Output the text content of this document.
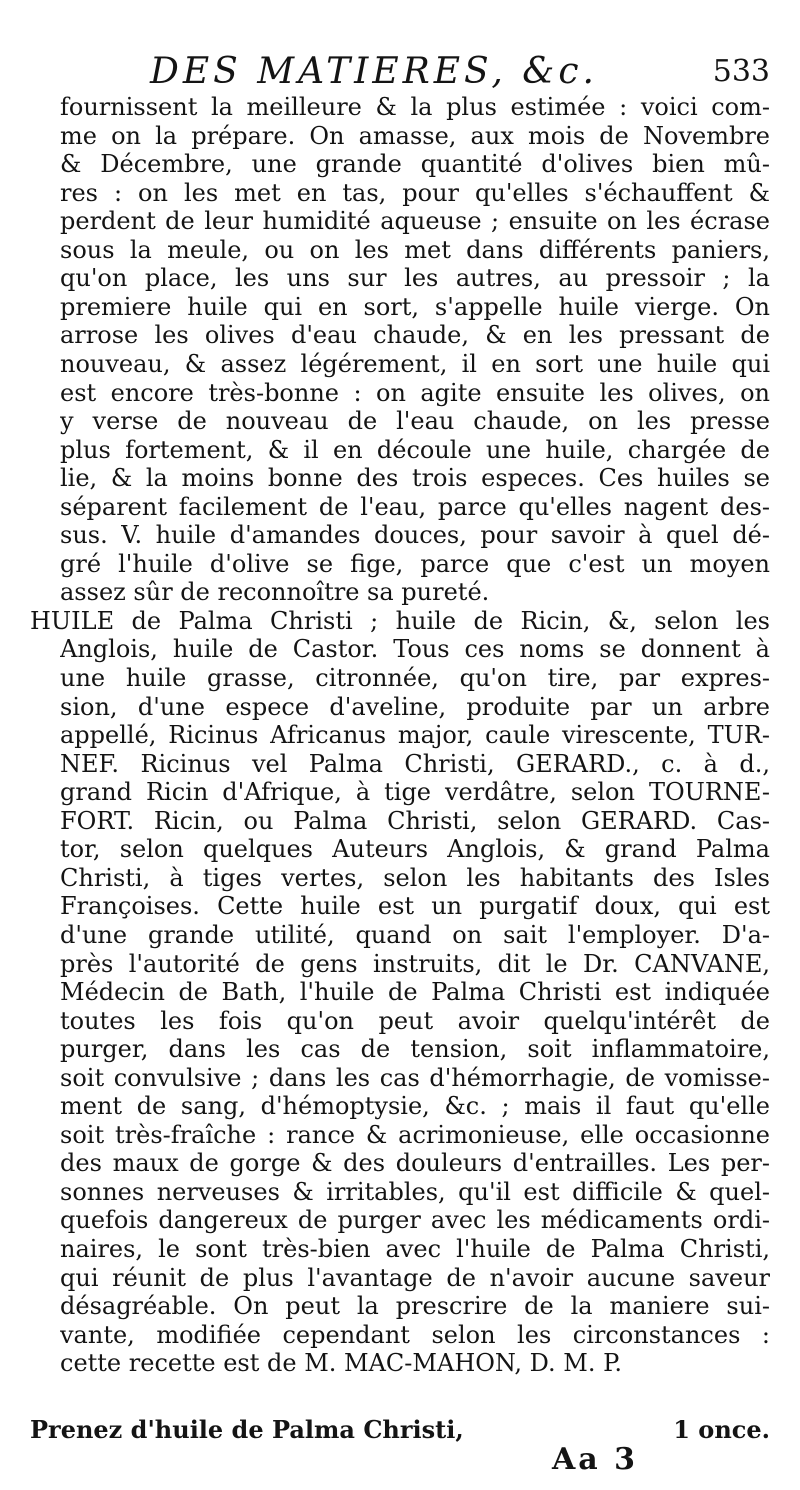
DES MATIERES, &c.	533
fournissent la meilleure & la plus estimée : voici com-
me on la prépare. On amasse, aux mois de Novembre
& Décembre, une grande quantité d'olives bien mû-
res : on les met en tas, pour qu'elles s'échauffent &
perdent de leur humidité aqueuse ; ensuite on les écrase
sous la meule, ou on les met dans différents paniers,
qu'on place, les uns sur les autres, au pressoir ; la
premiere huile qui en sort, s'appelle huile vierge. On
arrose les olives d'eau chaude, & en les pressant de
nouveau, & assez légérement, il en sort une huile qui
est encore très-bonne : on agite ensuite les olives, on
y verse de nouveau de l'eau chaude, on les presse
plus fortement, & il en découle une huile, chargée de
lie, & la moins bonne des trois especes. Ces huiles se
séparent facilement de l'eau, parce qu'elles nagent des-
sus. V. huile d'amandes douces, pour savoir à quel dé-
gré l'huile d'olive se fige, parce que c'est un moyen
assez sûr de reconnoître sa pureté.
HUILE de Palma Christi ; huile de Ricin, &, selon les
Anglois, huile de Castor. Tous ces noms se donnent à
une huile grasse, citronnée, qu'on tire, par expres-
sion, d'une espece d'aveline, produite par un arbre
appellé, Ricinus Africanus major, caule virescente, TUR-
NEF. Ricinus vel Palma Christi, GERARD., c. à d.,
grand Ricin d'Afrique, à tige verdâtre, selon TOURNE-
FORT. Ricin, ou Palma Christi, selon GERARD. Cas-
tor, selon quelques Auteurs Anglois, & grand Palma
Christi, à tiges vertes, selon les habitants des Isles
Françoises. Cette huile est un purgatif doux, qui est
d'une grande utilité, quand on sait l'employer. D'a-
près l'autorité de gens instruits, dit le Dr. CANVANE,
Médecin de Bath, l'huile de Palma Christi est indiquée
toutes les fois qu'on peut avoir quelqu'intérêt de
purger, dans les cas de tension, soit inflammatoire,
soit convulsive ; dans les cas d'hémorrhagie, de vomisse-
ment de sang, d'hémoptysie, &c. ; mais il faut qu'elle
soit très-fraîche : rance & acrimonieuse, elle occasionne
des maux de gorge & des douleurs d'entrailles. Les per-
sonnes nerveuses & irritables, qu'il est difficile & quel-
quefois dangereux de purger avec les médicaments ordi-
naires, le sont très-bien avec l'huile de Palma Christi,
qui réunit de plus l'avantage de n'avoir aucune saveur
désagréable. On peut la prescrire de la maniere sui-
vante, modifiée cependant selon les circonstances :
cette recette est de M. MAC-MAHON, D. M. P.
Prenez d'huile de Palma Christi,	1 once.
Aa 3
